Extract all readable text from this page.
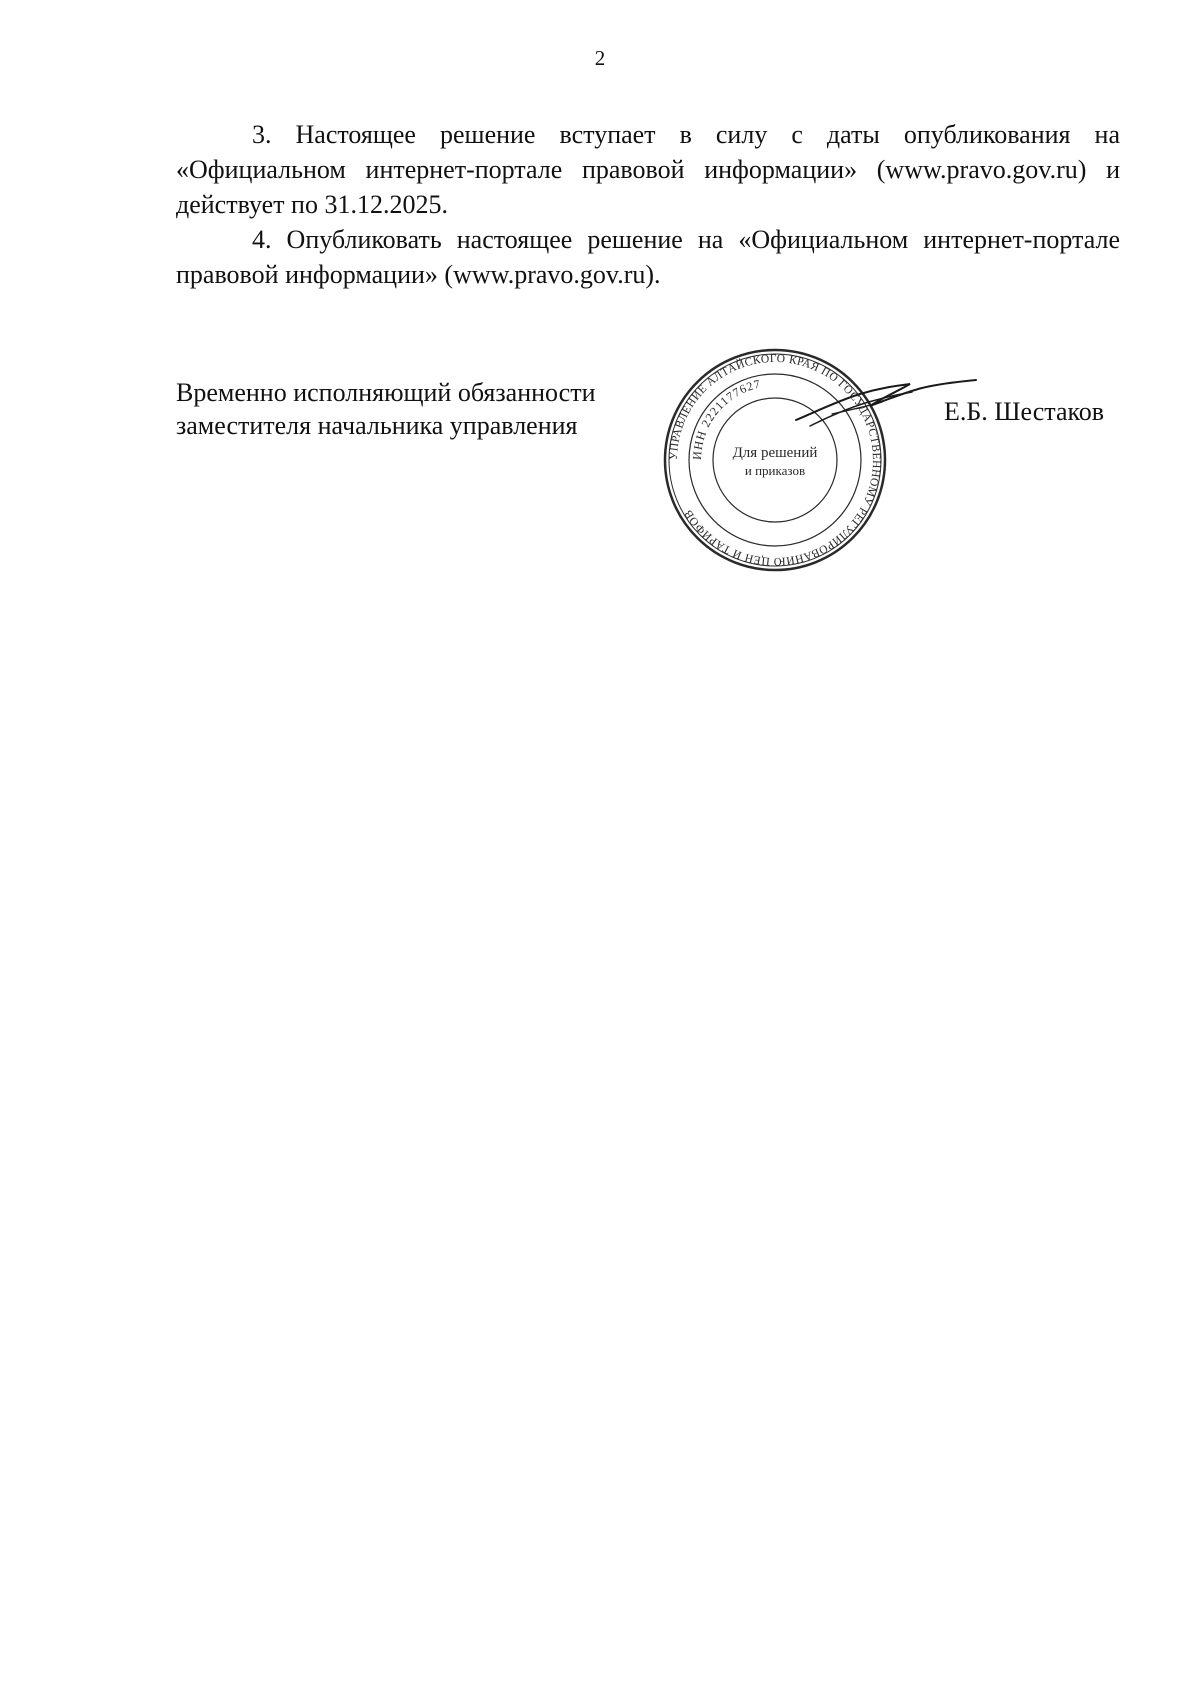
2

3. Настоящее решение вступает в силу с даты опубликования на «Официальном интернет-портале правовой информации» (www.pravo.gov.ru) и действует по 31.12.2025.

4. Опубликовать настоящее решение на «Официальном интернет-портале правовой информации» (www.pravo.gov.ru).

Временно исполняющий обязанности
заместителя начальника управления
УПРАВЛЕНИЕ АЛТАЙСКОГО КРАЯ ПО ГОСУДАРСТВЕННОМУ РЕГУЛИРОВАНИЮ ЦЕН И ТАРИФОВ
ИНН 2221177627
Для решений
и приказов
Е.Б. Шестаков
